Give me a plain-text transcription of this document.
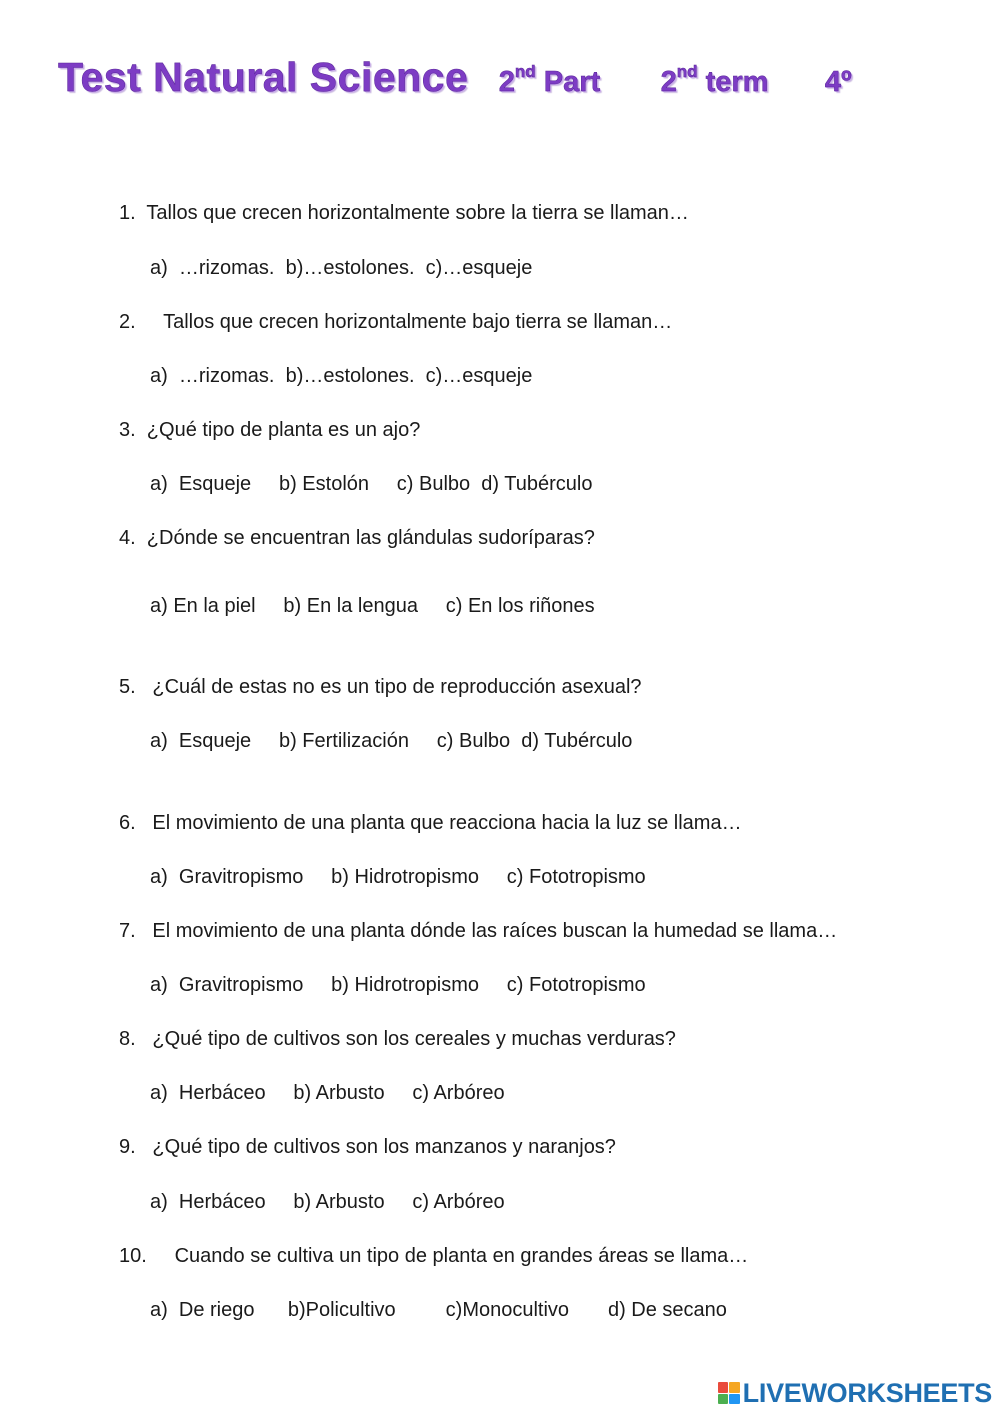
Test Natural Science 2nd Part 2nd term 4º
1.  Tallos que crecen horizontalmente sobre la tierra se llaman…
a)  …rizomas.  b)…estolones.  c)…esqueje
2.     Tallos que crecen horizontalmente bajo tierra se llaman…
a)  …rizomas.  b)…estolones.  c)…esqueje
3.  ¿Qué tipo de planta es un ajo?
a)  Esqueje     b) Estolón     c) Bulbo  d) Tubérculo
4.  ¿Dónde se encuentran las glándulas sudoríparas?
a) En la piel     b) En la lengua     c) En los riñones
5.   ¿Cuál de estas no es un tipo de reproducción asexual?
a)  Esqueje     b) Fertilización     c) Bulbo  d) Tubérculo
6.   El movimiento de una planta que reacciona hacia la luz se llama…
a)  Gravitropismo     b) Hidrotropismo     c) Fototropismo
7.   El movimiento de una planta dónde las raíces buscan la humedad se llama…
a)  Gravitropismo     b) Hidrotropismo     c) Fototropismo
8.   ¿Qué tipo de cultivos son los cereales y muchas verduras?
a)  Herbáceo     b) Arbusto     c) Arbóreo
9.   ¿Qué tipo de cultivos son los manzanos y naranjos?
a)  Herbáceo     b) Arbusto     c) Arbóreo
10.     Cuando se cultiva un tipo de planta en grandes áreas se llama…
a)  De riego      b)Policultivo         c)Monocultivo       d) De secano
LIVEWORKSHEETS
